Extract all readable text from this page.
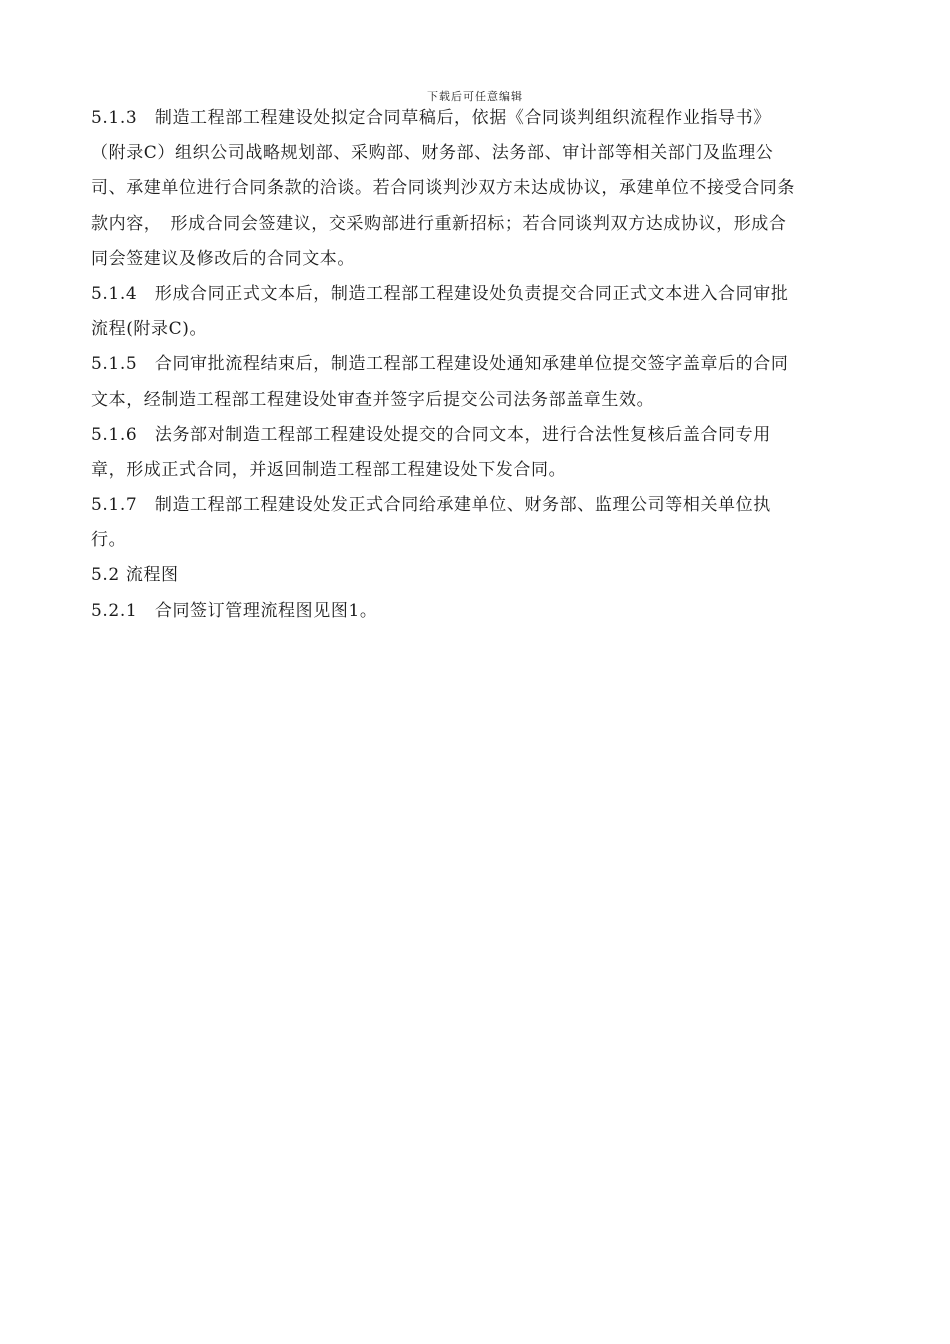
下载后可任意编辑
5.1.3　制造工程部工程建设处拟定合同草稿后，依据《合同谈判组织流程作业指导书》
（附录C）组织公司战略规划部、采购部、财务部、法务部、审计部等相关部门及监理公
司、承建单位进行合同条款的洽谈。若合同谈判沙双方未达成协议，承建单位不接受合同条
款内容，　形成合同会签建议，交采购部进行重新招标；若合同谈判双方达成协议，形成合
同会签建议及修改后的合同文本。
5.1.4　形成合同正式文本后，制造工程部工程建设处负责提交合同正式文本进入合同审批
流程(附录C)。
5.1.5　合同审批流程结束后，制造工程部工程建设处通知承建单位提交签字盖章后的合同
文本，经制造工程部工程建设处审查并签字后提交公司法务部盖章生效。
5.1.6　法务部对制造工程部工程建设处提交的合同文本，进行合法性复核后盖合同专用
章，形成正式合同，并返回制造工程部工程建设处下发合同。
5.1.7　制造工程部工程建设处发正式合同给承建单位、财务部、监理公司等相关单位执
行。
5.2 流程图
5.2.1　合同签订管理流程图见图1。
